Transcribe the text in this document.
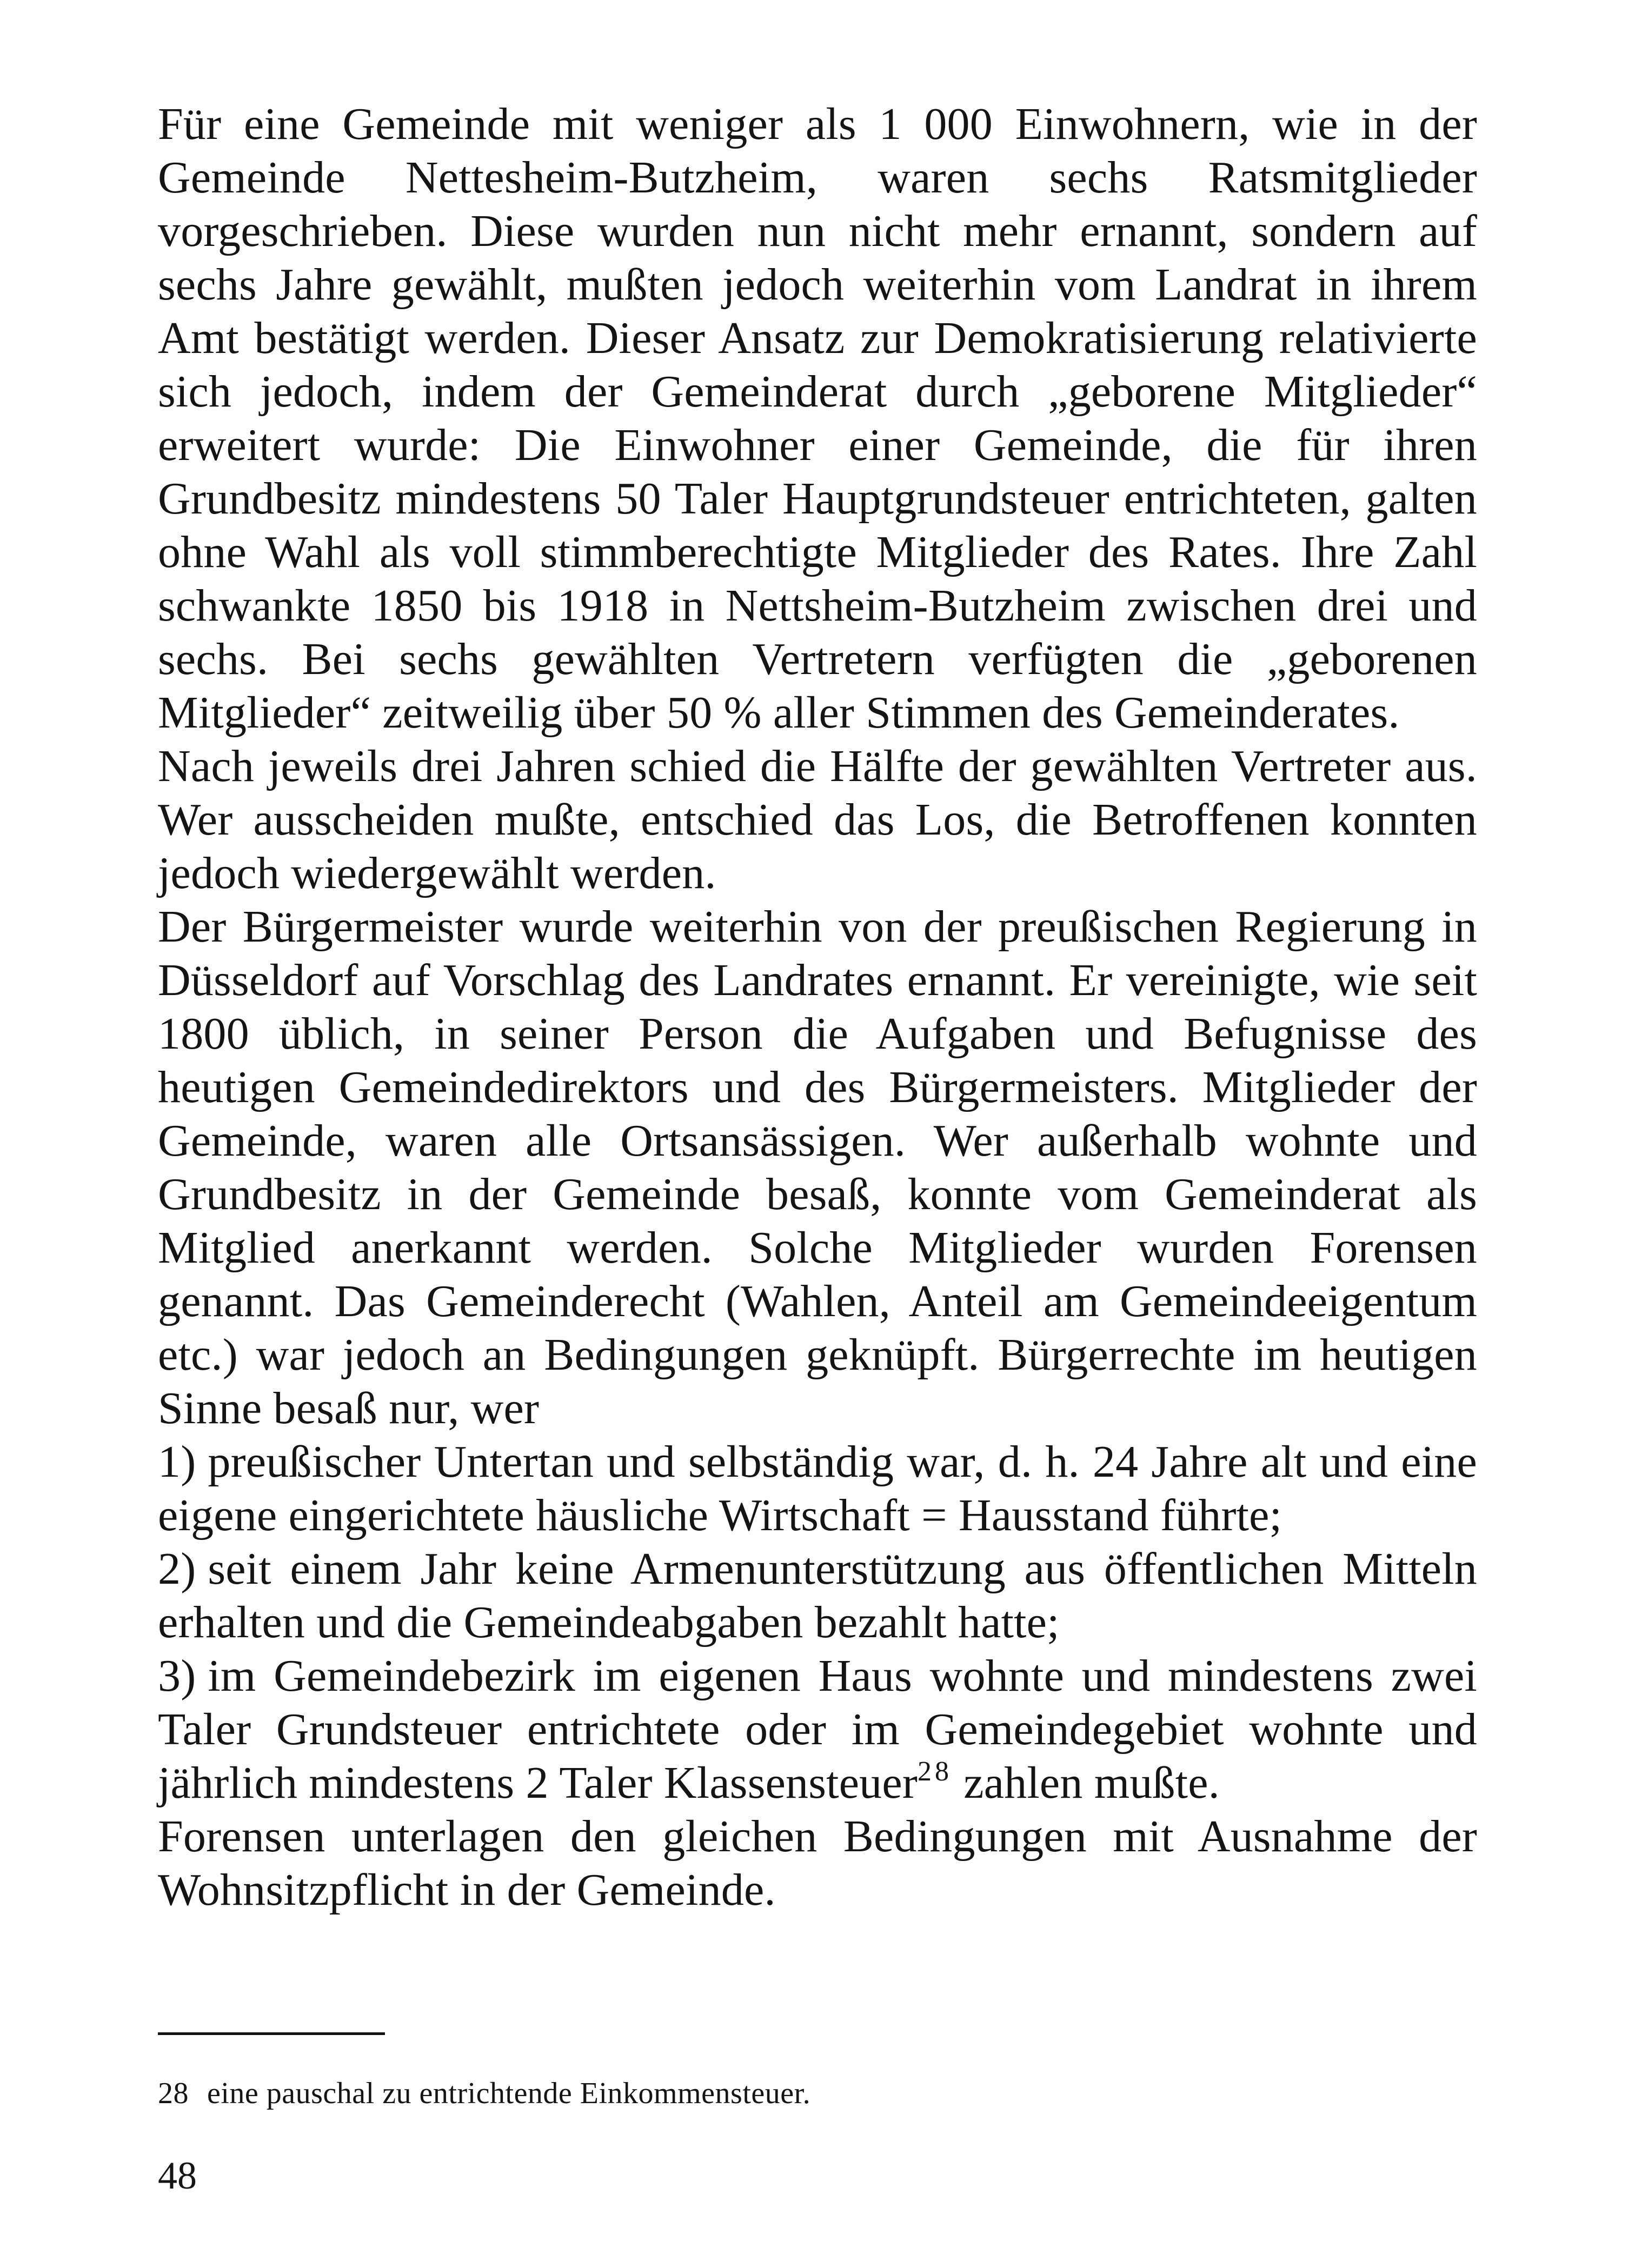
Für eine Gemeinde mit weniger als 1 000 Einwohnern, wie in der Gemeinde Nettesheim-Butzheim, waren sechs Ratsmitglieder vorgeschrieben. Diese wurden nun nicht mehr ernannt, sondern auf sechs Jahre gewählt, mußten jedoch weiterhin vom Landrat in ihrem Amt bestätigt werden. Dieser Ansatz zur Demokratisierung relativierte sich jedoch, indem der Gemeinderat durch „geborene Mitglieder“ erweitert wurde: Die Einwohner einer Gemeinde, die für ihren Grundbesitz mindestens 50 Taler Hauptgrundsteuer entrichteten, galten ohne Wahl als voll stimmberechtigte Mitglieder des Rates. Ihre Zahl schwankte 1850 bis 1918 in Nettsheim-Butzheim zwischen drei und sechs. Bei sechs gewählten Vertretern verfügten die „geborenen Mitglieder“ zeitweilig über 50 % aller Stimmen des Gemeinderates.

Nach jeweils drei Jahren schied die Hälfte der gewählten Vertreter aus. Wer ausscheiden mußte, entschied das Los, die Betroffenen konnten jedoch wiedergewählt werden.

Der Bürgermeister wurde weiterhin von der preußischen Regierung in Düsseldorf auf Vorschlag des Landrates ernannt. Er vereinigte, wie seit 1800 üblich, in seiner Person die Aufgaben und Befugnisse des heutigen Gemeindedirektors und des Bürgermeisters. Mitglieder der Gemeinde, waren alle Ortsansässigen. Wer außerhalb wohnte und Grundbesitz in der Gemeinde besaß, konnte vom Gemeinderat als Mitglied anerkannt werden. Solche Mitglieder wurden Forensen genannt. Das Gemeinderecht (Wahlen, Anteil am Gemeindeeigentum etc.) war jedoch an Bedingungen geknüpft. Bürgerrechte im heutigen Sinne besaß nur, wer

1) preußischer Untertan und selbständig war, d. h. 24 Jahre alt und eine eigene eingerichtete häusliche Wirtschaft = Hausstand führte;

2) seit einem Jahr keine Armenunterstützung aus öffentlichen Mitteln erhalten und die Gemeindeabgaben bezahlt hatte;

3) im Gemeindebezirk im eigenen Haus wohnte und mindestens zwei Taler Grundsteuer entrichtete oder im Gemeindegebiet wohnte und jährlich mindestens 2 Taler Klassensteuer$^{28}$ zahlen mußte.

Forensen unterlagen den gleichen Bedingungen mit Ausnahme der Wohnsitzpflicht in der Gemeinde.

28 eine pauschal zu entrichtende Einkommensteuer.
48
